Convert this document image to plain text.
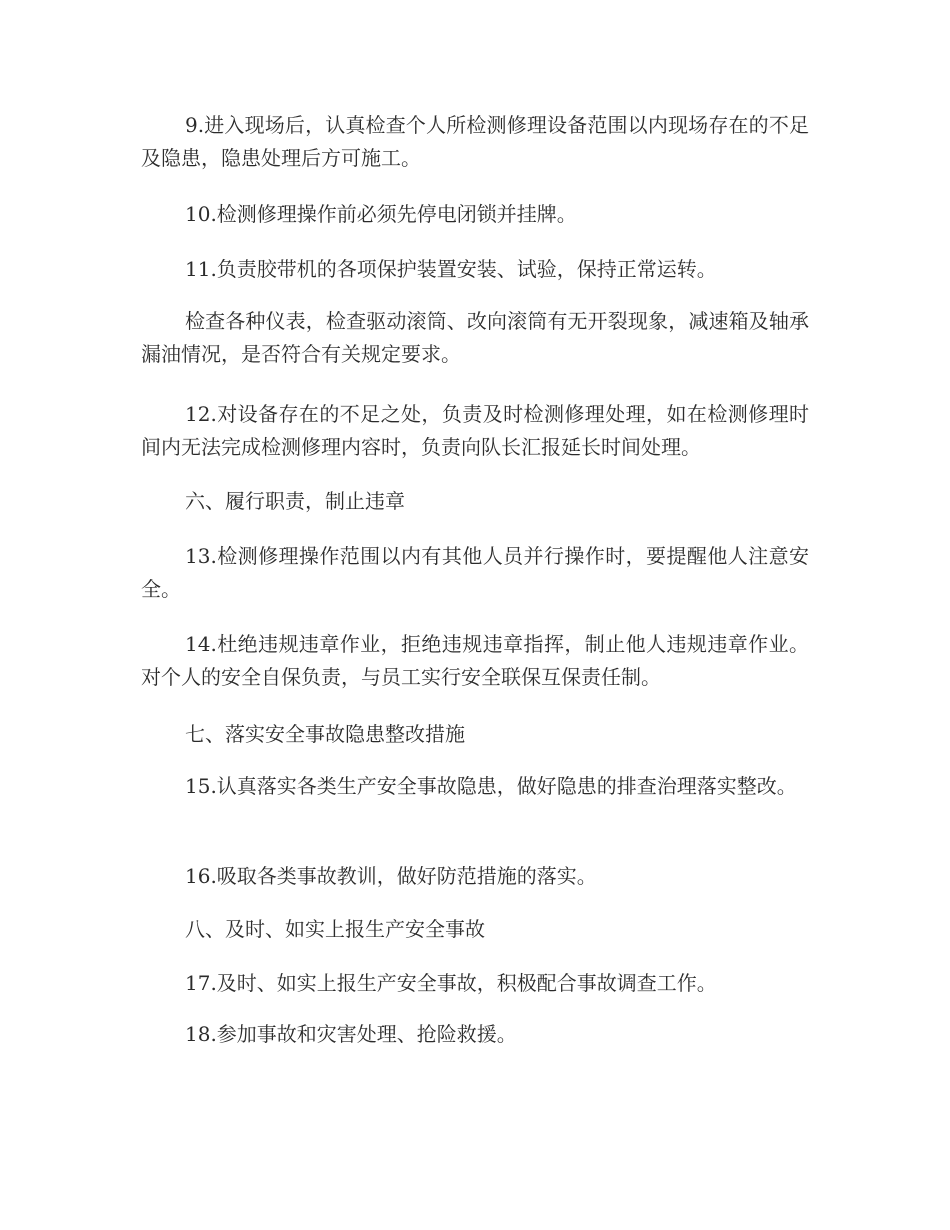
9.进入现场后，认真检查个人所检测修理设备范围以内现场存在的不足及隐患，隐患处理后方可施工。

10.检测修理操作前必须先停电闭锁并挂牌。

11.负责胶带机的各项保护装置安装、试验，保持正常运转。

检查各种仪表，检查驱动滚筒、改向滚筒有无开裂现象，减速箱及轴承漏油情况，是否符合有关规定要求。

12.对设备存在的不足之处，负责及时检测修理处理，如在检测修理时间内无法完成检测修理内容时，负责向队长汇报延长时间处理。

六、履行职责，制止违章

13.检测修理操作范围以内有其他人员并行操作时，要提醒他人注意安全。

14.杜绝违规违章作业，拒绝违规违章指挥，制止他人违规违章作业。对个人的安全自保负责，与员工实行安全联保互保责任制。

七、落实安全事故隐患整改措施

15.认真落实各类生产安全事故隐患，做好隐患的排查治理落实整改。

16.吸取各类事故教训，做好防范措施的落实。

八、及时、如实上报生产安全事故

17.及时、如实上报生产安全事故，积极配合事故调查工作。

18.参加事故和灾害处理、抢险救援。
